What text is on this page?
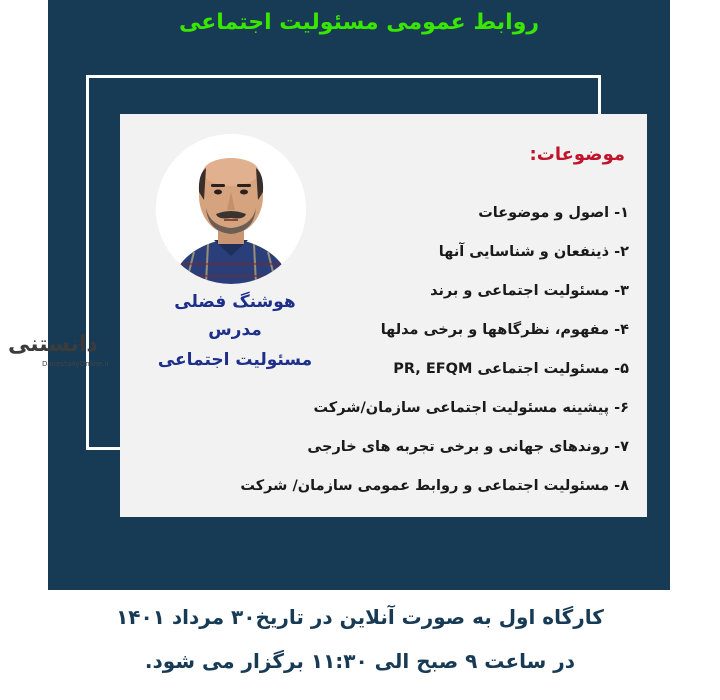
روابط عمومی مسئولیت اجتماعی
موضوعات:
۱- اصول و موضوعات
۲- ذینفعان و شناسایی آنها
۳- مسئولیت اجتماعی و برند
۴- مفهوم، نظرگاهها و برخی مدلها
۵- مسئولیت اجتماعی PR, EFQM
۶- پیشینه مسئولیت اجتماعی سازمان/شرکت
۷- روندهای جهانی و برخی تجربه های خارجی
۸- مسئولیت اجتماعی و روابط عمومی سازمان/ شرکت
هوشنگ فضلی
مدرس
مسئولیت اجتماعی
دانستنی
DanestanyOnline.ir
کارگاه اول به صورت آنلاین در تاریخ۳۰ مرداد ۱۴۰۱
در ساعت ۹ صبح الی ۱۱:۳۰ برگزار می شود.
